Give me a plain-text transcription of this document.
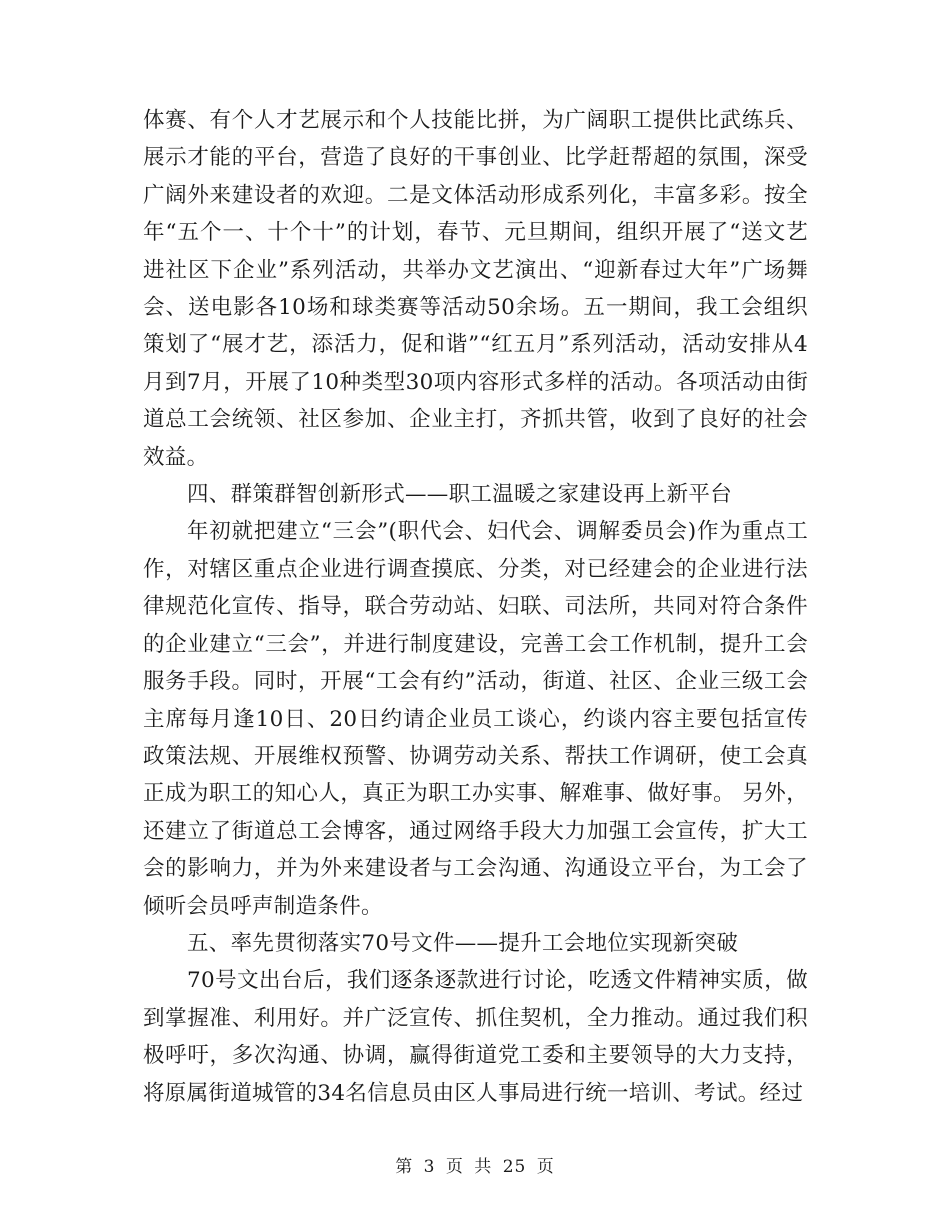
体赛、有个人才艺展示和个人技能比拼，为广阔职工提供比武练兵、展示才能的平台，营造了良好的干事创业、比学赶帮超的氛围，深受广阔外来建设者的欢迎。二是文体活动形成系列化，丰富多彩。按全年“五个一、十个十”的计划，春节、元旦期间，组织开展了“送文艺进社区下企业”系列活动，共举办文艺演出、“迎新春过大年”广场舞会、送电影各10场和球类赛等活动50余场。五一期间，我工会组织策划了“展才艺，添活力，促和谐”“红五月”系列活动，活动安排从4月到7月，开展了10种类型30项内容形式多样的活动。各项活动由街道总工会统领、社区参加、企业主打，齐抓共管，收到了良好的社会效益。

四、群策群智创新形式——职工温暖之家建设再上新平台

年初就把建立“三会”(职代会、妇代会、调解委员会)作为重点工作，对辖区重点企业进行调查摸底、分类，对已经建会的企业进行法律规范化宣传、指导，联合劳动站、妇联、司法所，共同对符合条件的企业建立“三会”，并进行制度建设，完善工会工作机制，提升工会服务手段。同时，开展“工会有约”活动，街道、社区、企业三级工会主席每月逢10日、20日约请企业员工谈心，约谈内容主要包括宣传政策法规、开展维权预警、协调劳动关系、帮扶工作调研，使工会真正成为职工的知心人，真正为职工办实事、解难事、做好事。 另外，还建立了街道总工会博客，通过网络手段大力加强工会宣传，扩大工会的影响力，并为外来建设者与工会沟通、沟通设立平台，为工会了倾听会员呼声制造条件。

五、率先贯彻落实70号文件——提升工会地位实现新突破

70号文出台后，我们逐条逐款进行讨论，吃透文件精神实质，做到掌握准、利用好。并广泛宣传、抓住契机，全力推动。通过我们积极呼吁，多次沟通、协调，赢得街道党工委和主要领导的大力支持，将原属街道城管的34名信息员由区人事局进行统一培训、考试。经过

第 3 页 共 25 页
